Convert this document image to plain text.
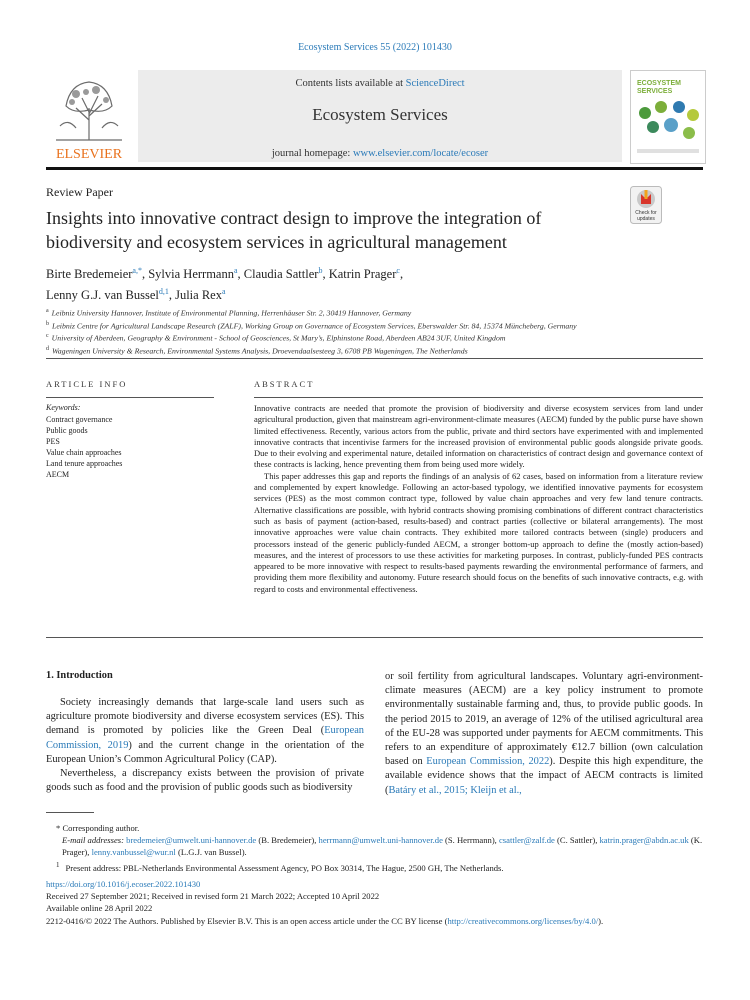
Ecosystem Services 55 (2022) 101430
ELSEVIER
Contents lists available at ScienceDirect
Ecosystem Services
journal homepage: www.elsevier.com/locate/ecoser
ECOSYSTEM
SERVICES
Review Paper
Check for
updates
Insights into innovative contract design to improve the integration of biodiversity and ecosystem services in agricultural management
Birte Bredemeier$^{a,*}$, Sylvia Herrmann$^a$, Claudia Sattler$^b$, Katrin Prager$^c$,
Lenny G.J. van Bussel$^{d,1}$, Julia Rex$^a$
$^a$ Leibniz University Hannover, Institute of Environmental Planning, Herrenhäuser Str. 2, 30419 Hannover, Germany
$^b$ Leibniz Centre for Agricultural Landscape Research (ZALF), Working Group on Governance of Ecosystem Services, Eberswalder Str. 84, 15374 Müncheberg, Germany
$^c$ University of Aberdeen, Geography & Environment - School of Geosciences, St Mary’s, Elphinstone Road, Aberdeen AB24 3UF, United Kingdom
$^d$ Wageningen University & Research, Environmental Systems Analysis, Droevendaalsesteeg 3, 6708 PB Wageningen, The Netherlands
ARTICLE INFO	ABSTRACT
Keywords:
Contract governance
Public goods
PES
Value chain approaches
Land tenure approaches
AECM

Innovative contracts are needed that promote the provision of biodiversity and diverse ecosystem services from land under agricultural production, given that mainstream agri-environment-climate measures (AECM) funded by the public purse have shown limited effectiveness. Recently, various actors from the public, private and third sectors have experimented with and implemented innovative contracts that incentivise farmers for the increased provision of environmental public goods alongside private goods. Due to their evolving and experimental nature, detailed information on characteristics of contract design and governance context of these contracts is lacking, hence preventing them from being used more widely.

This paper addresses this gap and reports the findings of an analysis of 62 cases, based on information from a literature review and complemented by expert knowledge. Following an actor-based typology, we identified innovative payments for ecosystem services (PES) as the most common contract type, followed by value chain approaches and very few land tenure contracts. Alternative classifications are possible, with hybrid contracts showing promising combinations of different contract characteristics such as basis of payment (action-based, results-based) and contract parties (collective or bilateral arrangements). The most innovative approaches were value chain contracts. They exhibited more tailored contracts between (single) producers and processors instead of the generic publicly-funded AECM, a stronger bottom-up approach to define the (mostly action-based) measures, and the interest of processors to use these activities for marketing purposes. In contrast, publicly-funded PES contracts appeared to be more innovative with respect to results-based payments rewarding the environmental performance of farmers, and providing them more flexibility and autonomy. Future research should focus on the benefits of such innovative contracts, e.g. with regard to costs and environmental effectiveness.

1. Introduction

Society increasingly demands that large-scale land users such as agriculture promote biodiversity and diverse ecosystem services (ES). This demand is promoted by policies like the Green Deal (European Commission, 2019) and the current change in the orientation of the European Union’s Common Agricultural Policy (CAP).

Nevertheless, a discrepancy exists between the provision of private goods such as food and the provision of public goods such as biodiversity

or soil fertility from agricultural landscapes. Voluntary agri-environment-climate measures (AECM) are a key policy instrument to promote environmentally sustainable farming and, thus, to provide public goods. In the period 2015 to 2019, an average of 12% of the utilised agricultural area of the EU-28 was supported under payments for AECM commitments. This refers to an expenditure of approximately €12.7 billion (own calculation based on European Commission, 2022). Despite this high expenditure, the available evidence shows that the impact of AECM contracts is limited (Batáry et al., 2015; Kleijn et al.,

* Corresponding author.

E-mail addresses: bredemeier@umwelt.uni-hannover.de (B. Bredemeier), herrmann@umwelt.uni-hannover.de (S. Herrmann), csattler@zalf.de (C. Sattler), katrin.prager@abdn.ac.uk (K. Prager), lenny.vanbussel@wur.nl (L.G.J. van Bussel).

$^1$ Present address: PBL-Netherlands Environmental Assessment Agency, PO Box 30314, The Hague, 2500 GH, The Netherlands.

https://doi.org/10.1016/j.ecoser.2022.101430

Received 27 September 2021; Received in revised form 21 March 2022; Accepted 10 April 2022

Available online 28 April 2022

2212-0416/© 2022 The Authors. Published by Elsevier B.V. This is an open access article under the CC BY license (http://creativecommons.org/licenses/by/4.0/).
